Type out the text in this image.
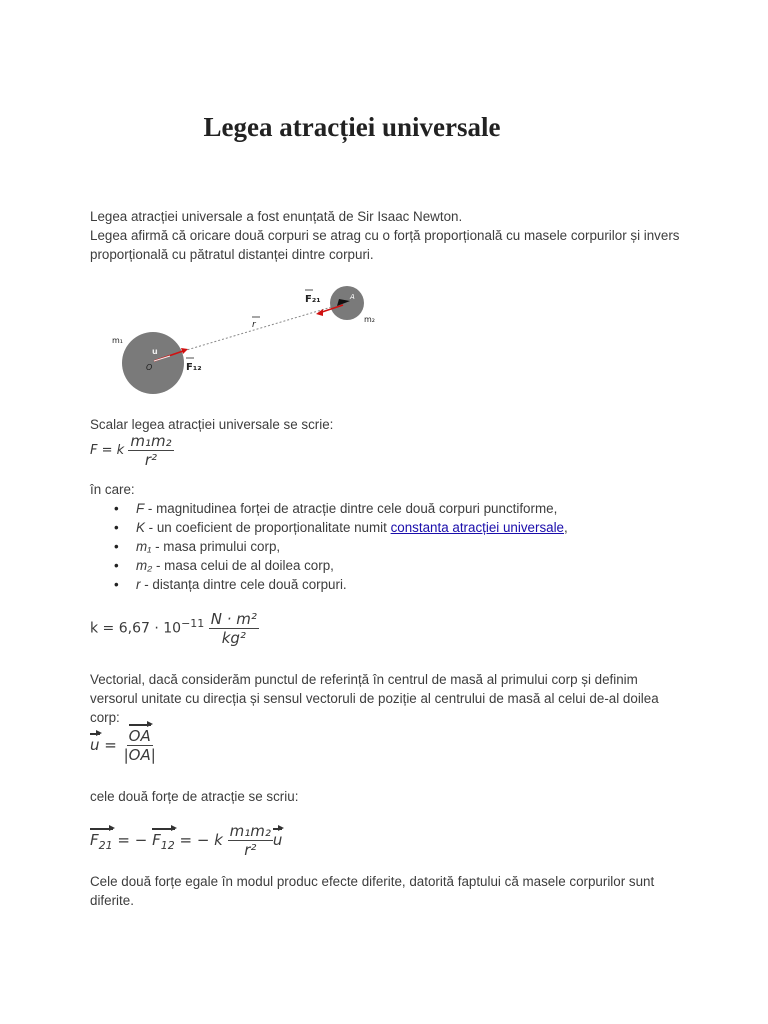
Legea atracției universale
Legea atracției universale a fost enunțată de Sir Isaac Newton.
Legea afirmă că oricare două corpuri se atrag cu o forță proporțională cu masele corpurilor și invers
proporțională cu pătratul distanței dintre corpuri.
m₁
m₂
O
A
u
r
F₁₂
F₂₁
Scalar legea atracției universale se scrie:
F = k $\frac{\text{m₁m₂}}{\text{r²}}$
în care:
• F - magnitudinea forței de atracție dintre cele două corpuri punctiforme,
• K - un coeficient de proporționalitate numit constanta atracției universale,
• m₁ - masa primului corp,
• m₂ - masa celui de al doilea corp,
• r - distanța dintre cele două corpuri.
$k = 6,67 \cdot 10^{-11} \frac{\text{N · m²}}{\text{kg²}}$
Vectorial, dacă considerăm punctul de referință în centrul de masă al primului corp și definim
versorul unitate cu direcția și sensul vectoruli de poziție al centrului de masă al celui de-al doilea
corp:
$u = \frac{OA}{|OA|}$
cele două forțe de atracție se scriu:
$F_{21}$ = − $F_{12}$ = − k $\frac{\text{m₁m₂}}{\text{r²}}$ u
Cele două forțe egale în modul produc efecte diferite, datorită faptului că masele corpurilor sunt
diferite.
